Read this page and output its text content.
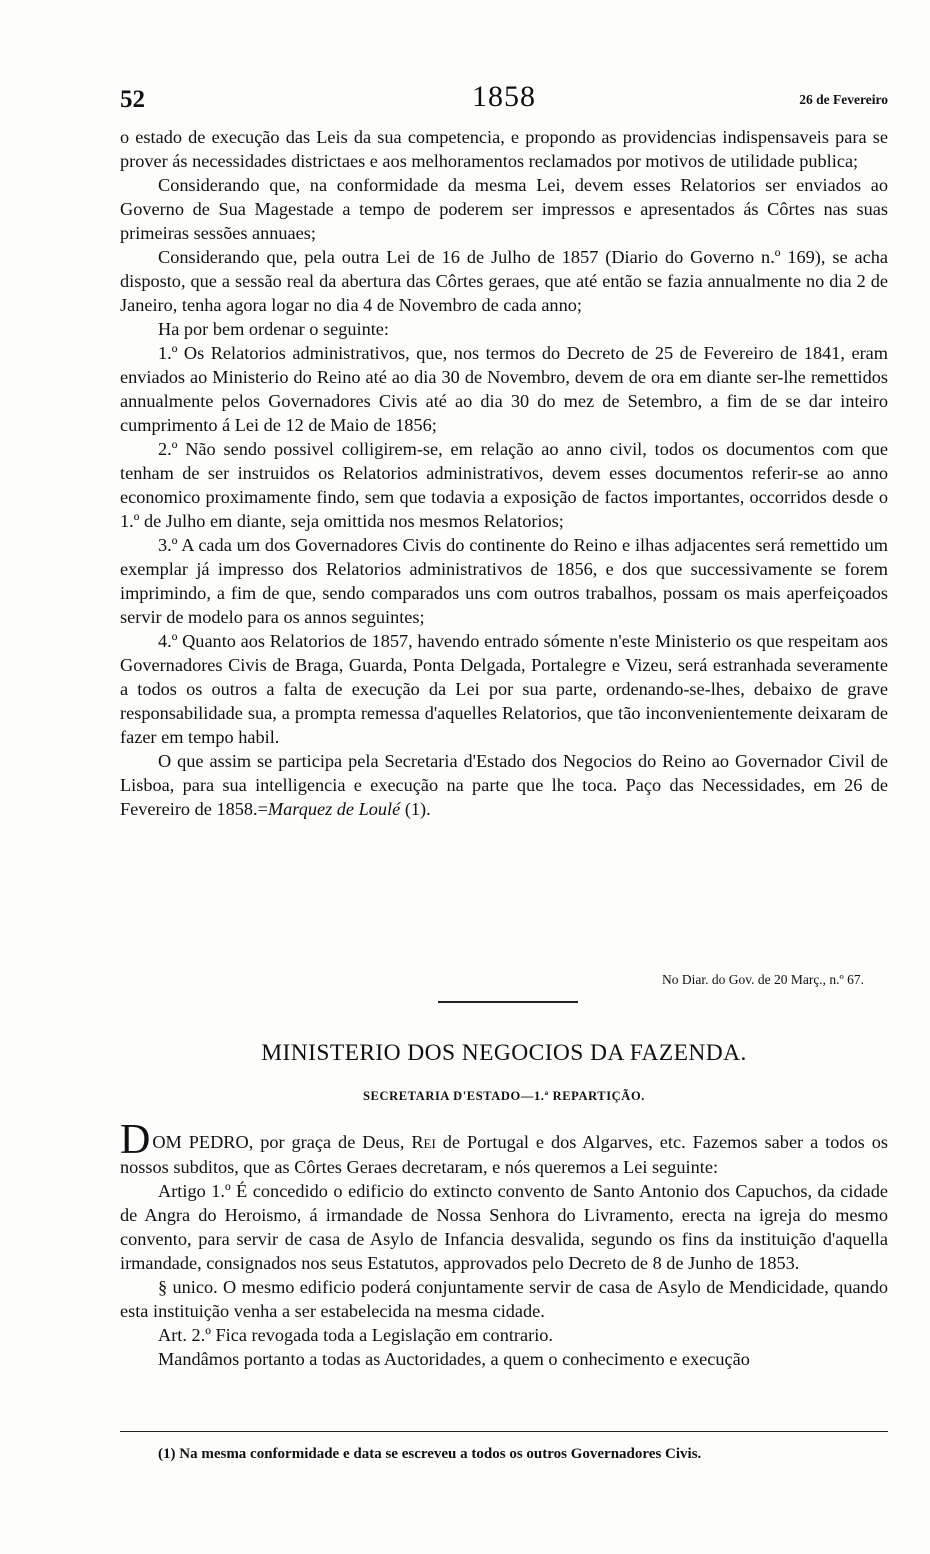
52	1858	26 de Fevereiro

o estado de execução das Leis da sua competencia, e propondo as providencias indispensaveis para se prover ás necessidades districtaes e aos melhoramentos reclamados por motivos de utilidade publica;

Considerando que, na conformidade da mesma Lei, devem esses Relatorios ser enviados ao Governo de Sua Magestade a tempo de poderem ser impressos e apresentados ás Côrtes nas suas primeiras sessões annuaes;

Considerando que, pela outra Lei de 16 de Julho de 1857 (Diario do Governo n.º 169), se acha disposto, que a sessão real da abertura das Côrtes geraes, que até então se fazia annualmente no dia 2 de Janeiro, tenha agora logar no dia 4 de Novembro de cada anno;

Ha por bem ordenar o seguinte:

1.º Os Relatorios administrativos, que, nos termos do Decreto de 25 de Fevereiro de 1841, eram enviados ao Ministerio do Reino até ao dia 30 de Novembro, devem de ora em diante ser-lhe remettidos annualmente pelos Governadores Civis até ao dia 30 do mez de Setembro, a fim de se dar inteiro cumprimento á Lei de 12 de Maio de 1856;

2.º Não sendo possivel colligirem-se, em relação ao anno civil, todos os documentos com que tenham de ser instruidos os Relatorios administrativos, devem esses documentos referir-se ao anno economico proximamente findo, sem que todavia a exposição de factos importantes, occorridos desde o 1.º de Julho em diante, seja omittida nos mesmos Relatorios;

3.º A cada um dos Governadores Civis do continente do Reino e ilhas adjacentes será remettido um exemplar já impresso dos Relatorios administrativos de 1856, e dos que successivamente se forem imprimindo, a fim de que, sendo comparados uns com outros trabalhos, possam os mais aperfeiçoados servir de modelo para os annos seguintes;

4.º Quanto aos Relatorios de 1857, havendo entrado sómente n'este Ministerio os que respeitam aos Governadores Civis de Braga, Guarda, Ponta Delgada, Portalegre e Vizeu, será estranhada severamente a todos os outros a falta de execução da Lei por sua parte, ordenando-se-lhes, debaixo de grave responsabilidade sua, a prompta remessa d'aquelles Relatorios, que tão inconvenientemente deixaram de fazer em tempo habil.

O que assim se participa pela Secretaria d'Estado dos Negocios do Reino ao Governador Civil de Lisboa, para sua intelligencia e execução na parte que lhe toca. Paço das Necessidades, em 26 de Fevereiro de 1858.=Marquez de Loulé (1).

No Diar. do Gov. de 20 Març., n.º 67.
MINISTERIO DOS NEGOCIOS DA FAZENDA.
SECRETARIA D'ESTADO—1.ª REPARTIÇÃO.

DOM PEDRO, por graça de Deus, Rei de Portugal e dos Algarves, etc. Fazemos saber a todos os nossos subditos, que as Côrtes Geraes decretaram, e nós queremos a Lei seguinte:

Artigo 1.º É concedido o edificio do extincto convento de Santo Antonio dos Capuchos, da cidade de Angra do Heroismo, á irmandade de Nossa Senhora do Livramento, erecta na igreja do mesmo convento, para servir de casa de Asylo de Infancia desvalida, segundo os fins da instituição d'aquella irmandade, consignados nos seus Estatutos, approvados pelo Decreto de 8 de Junho de 1853.

§ unico. O mesmo edificio poderá conjuntamente servir de casa de Asylo de Mendicidade, quando esta instituição venha a ser estabelecida na mesma cidade.

Art. 2.º Fica revogada toda a Legislação em contrario.

Mandâmos portanto a todas as Auctoridades, a quem o conhecimento e execução

(1) Na mesma conformidade e data se escreveu a todos os outros Governadores Civis.
